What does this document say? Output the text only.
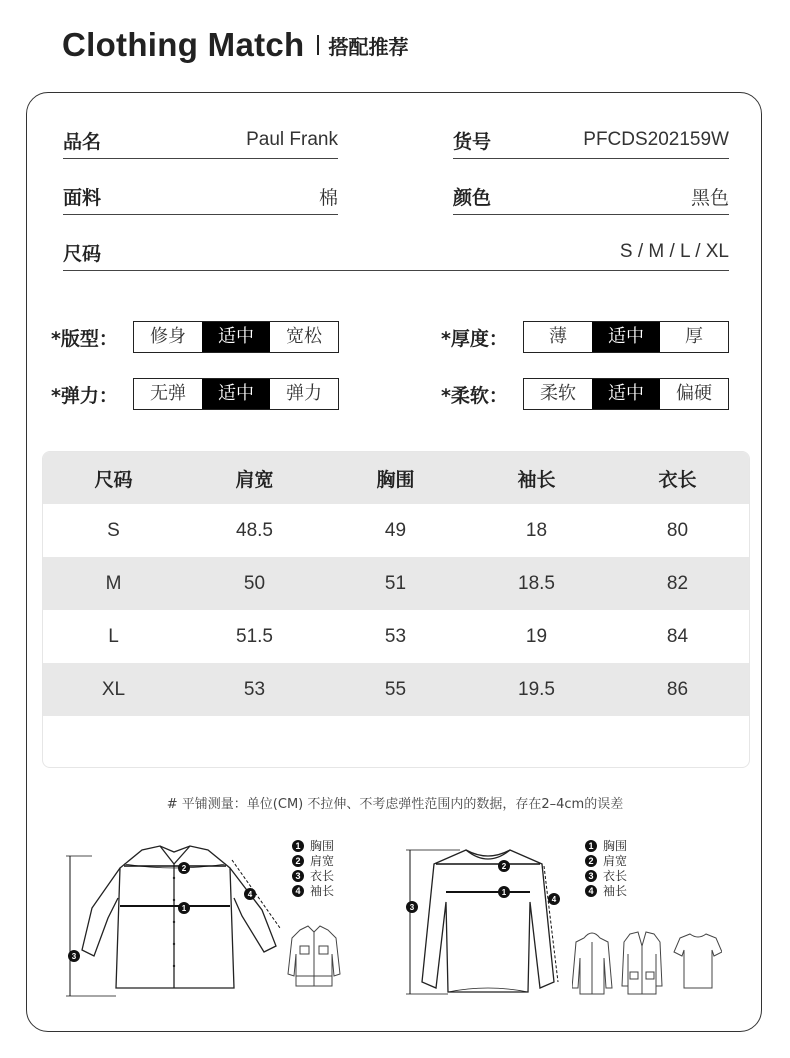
Clothing Match 搭配推荐
品名	Paul Frank	货号	PFCDS202159W
面料	棉	颜色	黑色
尺码	S / M / L / XL
*版型：	修身	适中	宽松	*厚度：	薄	适中	厚
*弹力：	无弹	适中	弹力	*柔软：	柔软	适中	偏硬
尺码	肩宽	胸围	袖长	衣长
S	48.5	49	18	80
M	50	51	18.5	82
L	51.5	53	19	84
XL	53	55	19.5	86
# 平铺测量：单位(CM) 不拉伸、不考虑弹性范围内的数据，存在2–4cm的误差
1
2
3
4
1 胸围
2 肩宽
3 衣长
4 袖长	1
2
3
4
1 胸围
2 肩宽
3 衣长
4 袖长
